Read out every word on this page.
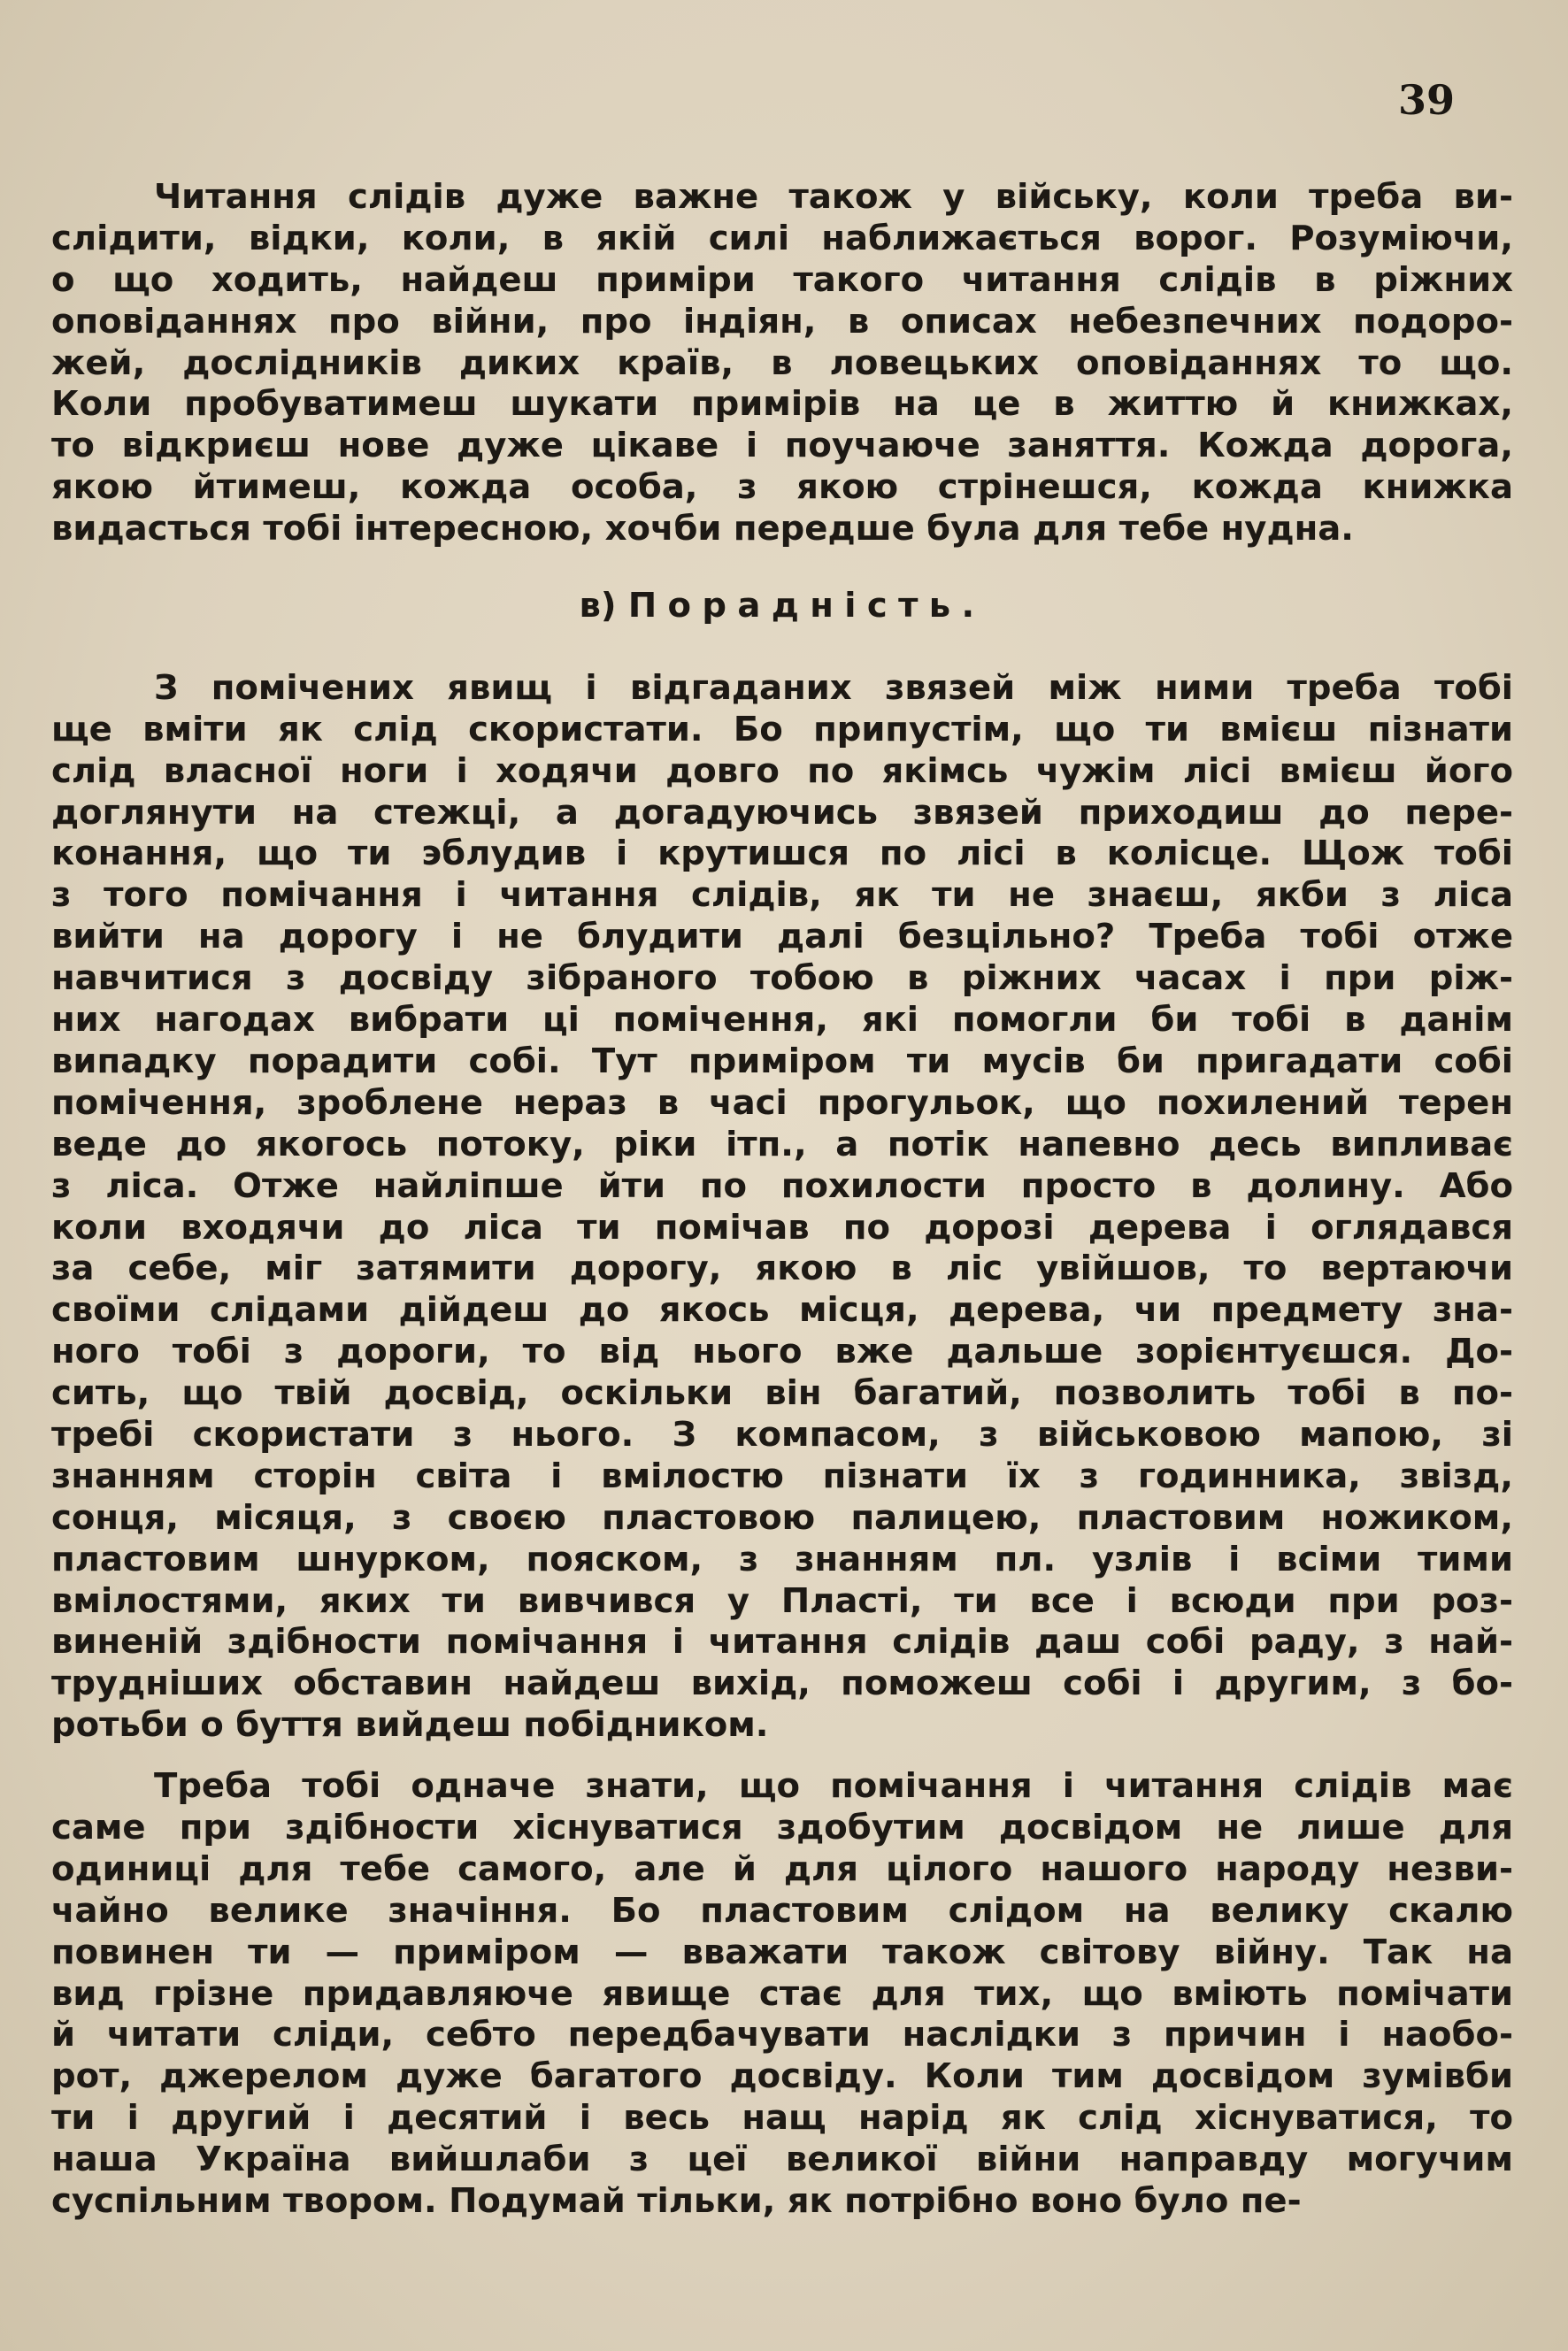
39
Читання слідів дуже важне також у війську, коли треба ви-
слідити, відки, коли, в якій силі наближається ворог. Розуміючи,
о що ходить, найдеш приміри такого читання слідів в ріжних
оповіданнях про війни, про індіян, в описах небезпечних подоро-
жей, дослідників диких країв, в ловецьких оповіданнях то що.
Коли пробуватимеш шукати примірів на це в життю й книжках,
то відкриєш нове дуже цікаве і поучаюче заняття. Кожда дорога,
якою йтимеш, кожда особа, з якою стрінешся, кожда книжка
видасться тобі інтересною, хочби передше була для тебе нудна.
в) Порадність.
З помічених явищ і відгаданих звязей між ними треба тобі
ще вміти як слід скористати. Бо припустім, що ти вмієш пізнати
слід власної ноги і ходячи довго по якімсь чужім лісі вмієш його
доглянути на стежці, а догадуючись звязей приходиш до пере-
конання, що ти эблудив і крутишся по лісі в колісце. Щож тобі
з того помічання і читання слідів, як ти не знаєш, якби з ліса
вийти на дорогу і не блудити далі безцільно? Треба тобі отже
навчитися з досвіду зібраного тобою в ріжних часах і при ріж-
них нагодах вибрати ці помічення, які помогли би тобі в данім
випадку порадити собі. Тут приміром ти мусів би пригадати собі
помічення, зроблене нераз в часі прогульок, що похилений терен
веде до якогось потоку, ріки ітп., а потік напевно десь випливає
з ліса. Отже найліпше йти по похилости просто в долину. Або
коли входячи до ліса ти помічав по дорозі дерева і оглядався
за себе, міг затямити дорогу, якою в ліс увійшов, то вертаючи
своїми слідами дійдеш до якось місця, дерева, чи предмету зна-
ного тобі з дороги, то від нього вже дальше зорієнтуєшся. До-
сить, що твій досвід, оскільки він багатий, позволить тобі в по-
требі скористати з нього. З компасом, з військовою мапою, зі
знанням сторін світа і вмілостю пізнати їх з годинника, звізд,
сонця, місяця, з своєю пластовою палицею, пластовим ножиком,
пластовим шнурком, пояском, з знанням пл. узлів і всіми тими
вмілостями, яких ти вивчився у Пласті, ти все і всюди при роз-
виненій здібности помічання і читання слідів даш собі раду, з най-
трудніших обставин найдеш вихід, поможеш собі і другим, з бо-
ротьби о буття вийдеш побідником.
Треба тобі одначе знати, що помічання і читання слідів має
саме при здібности хіснуватися здобутим досвідом не лише для
одиниці для тебе самого, але й для цілого нашого народу незви-
чайно велике значіння. Бо пластовим слідом на велику скалю
повинен ти — приміром — вважати також світову війну. Так на
вид грізне придавляюче явище стає для тих, що вміють помічати
й читати сліди, себто передбачувати наслідки з причин і наобо-
рот, джерелом дуже багатого досвіду. Коли тим досвідом зумівби
ти і другий і десятий і весь нащ нарід як слід хіснуватися, то
наша Україна вийшлаби з цеї великої війни направду могучим
суспільним твором. Подумай тільки, як потрібно воно було пе-
